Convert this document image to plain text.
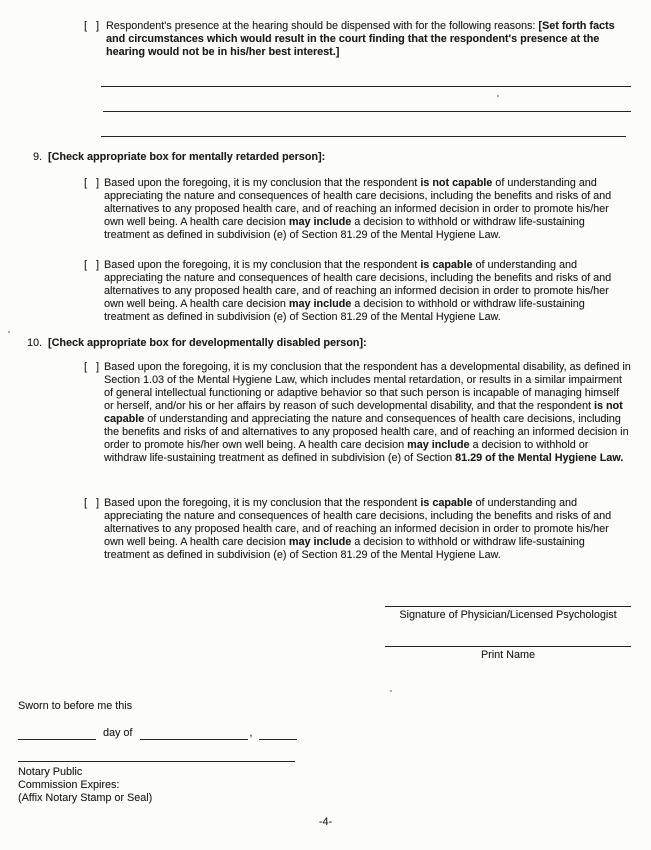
[   ] Respondent's presence at the hearing should be dispensed with for the following reasons: [Set forth facts and circumstances which would result in the court finding that the respondent's presence at the hearing would not be in his/her best interest.]
9. [Check appropriate box for mentally retarded person]:
[   ] Based upon the foregoing, it is my conclusion that the respondent is not capable of understanding and appreciating the nature and consequences of health care decisions, including the benefits and risks of and alternatives to any proposed health care, and of reaching an informed decision in order to promote his/her own well being. A health care decision may include a decision to withhold or withdraw life-sustaining treatment as defined in subdivision (e) of Section 81.29 of the Mental Hygiene Law.
[   ] Based upon the foregoing, it is my conclusion that the respondent is capable of understanding and appreciating the nature and consequences of health care decisions, including the benefits and risks of and alternatives to any proposed health care, and of reaching an informed decision in order to promote his/her own well being. A health care decision may include a decision to withhold or withdraw life-sustaining treatment as defined in subdivision (e) of Section 81.29 of the Mental Hygiene Law.
10. [Check appropriate box for developmentally disabled person]:
[   ] Based upon the foregoing, it is my conclusion that the respondent has a developmental disability, as defined in Section 1.03 of the Mental Hygiene Law, which includes mental retardation, or results in a similar impairment of general intellectual functioning or adaptive behavior so that such person is incapable of managing himself or herself, and/or his or her affairs by reason of such developmental disability, and that the respondent is not capable of understanding and appreciating the nature and consequences of health care decisions, including the benefits and risks of and alternatives to any proposed health care, and of reaching an informed decision in order to promote his/her own well being. A health care decision may include a decision to withhold or withdraw life-sustaining treatment as defined in subdivision (e) of Section 81.29 of the Mental Hygiene Law.
[   ] Based upon the foregoing, it is my conclusion that the respondent is capable of understanding and appreciating the nature and consequences of health care decisions, including the benefits and risks of and alternatives to any proposed health care, and of reaching an informed decision in order to promote his/her own well being. A health care decision may include a decision to withhold or withdraw life-sustaining treatment as defined in subdivision (e) of Section 81.29 of the Mental Hygiene Law.
Signature of Physician/Licensed Psychologist
Print Name
Sworn to before me this
day of	,
Notary Public
Commission Expires:
(Affix Notary Stamp or Seal)
-4-
